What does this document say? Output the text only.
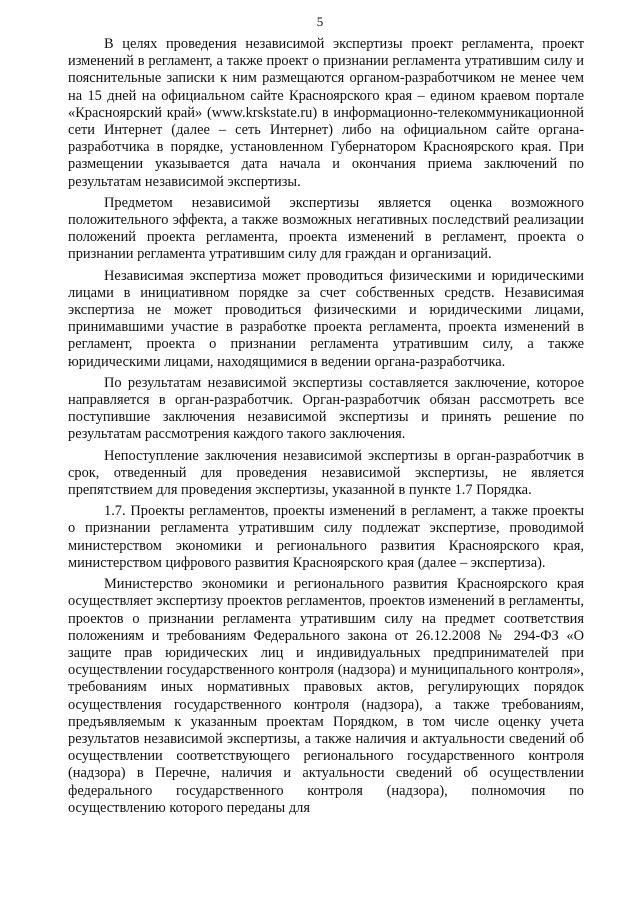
5

В целях проведения независимой экспертизы проект регламента, проект изменений в регламент, а также проект о признании регламента утратившим силу и пояснительные записки к ним размещаются органом-разработчиком не менее чем на 15 дней на официальном сайте Красноярского края – едином краевом портале «Красноярский край» (www.krskstate.ru) в информационно-телекоммуникационной сети Интернет (далее – сеть Интернет) либо на официальном сайте органа-разработчика в порядке, установленном Губернатором Красноярского края. При размещении указывается дата начала и окончания приема заключений по результатам независимой экспертизы.

Предметом независимой экспертизы является оценка возможного положительного эффекта, а также возможных негативных последствий реализации положений проекта регламента, проекта изменений в регламент, проекта о признании регламента утратившим силу для граждан и организаций.

Независимая экспертиза может проводиться физическими и юридическими лицами в инициативном порядке за счет собственных средств. Независимая экспертиза не может проводиться физическими и юридическими лицами, принимавшими участие в разработке проекта регламента, проекта изменений в регламент, проекта о признании регламента утратившим силу, а также юридическими лицами, находящимися в ведении органа-разработчика.

По результатам независимой экспертизы составляется заключение, которое направляется в орган-разработчик. Орган-разработчик обязан рассмотреть все поступившие заключения независимой экспертизы и принять решение по результатам рассмотрения каждого такого заключения.

Непоступление заключения независимой экспертизы в орган-разработчик в срок, отведенный для проведения независимой экспертизы, не является препятствием для проведения экспертизы, указанной в пункте 1.7 Порядка.

1.7. Проекты регламентов, проекты изменений в регламент, а также проекты о признании регламента утратившим силу подлежат экспертизе, проводимой министерством экономики и регионального развития Красноярского края, министерством цифрового развития Красноярского края (далее – экспертиза).

Министерство экономики и регионального развития Красноярского края осуществляет экспертизу проектов регламентов, проектов изменений в регламенты, проектов о признании регламента утратившим силу на предмет соответствия положениям и требованиям Федерального закона от 26.12.2008 № 294-ФЗ «О защите прав юридических лиц и индивидуальных предпринимателей при осуществлении государственного контроля (надзора) и муниципального контроля», требованиям иных нормативных правовых актов, регулирующих порядок осуществления государственного контроля (надзора), а также требованиям, предъявляемым к указанным проектам Порядком, в том числе оценку учета результатов независимой экспертизы, а также наличия и актуальности сведений об осуществлении соответствующего регионального государственного контроля (надзора) в Перечне, наличия и актуальности сведений об осуществлении федерального государственного контроля (надзора), полномочия по осуществлению которого переданы для
